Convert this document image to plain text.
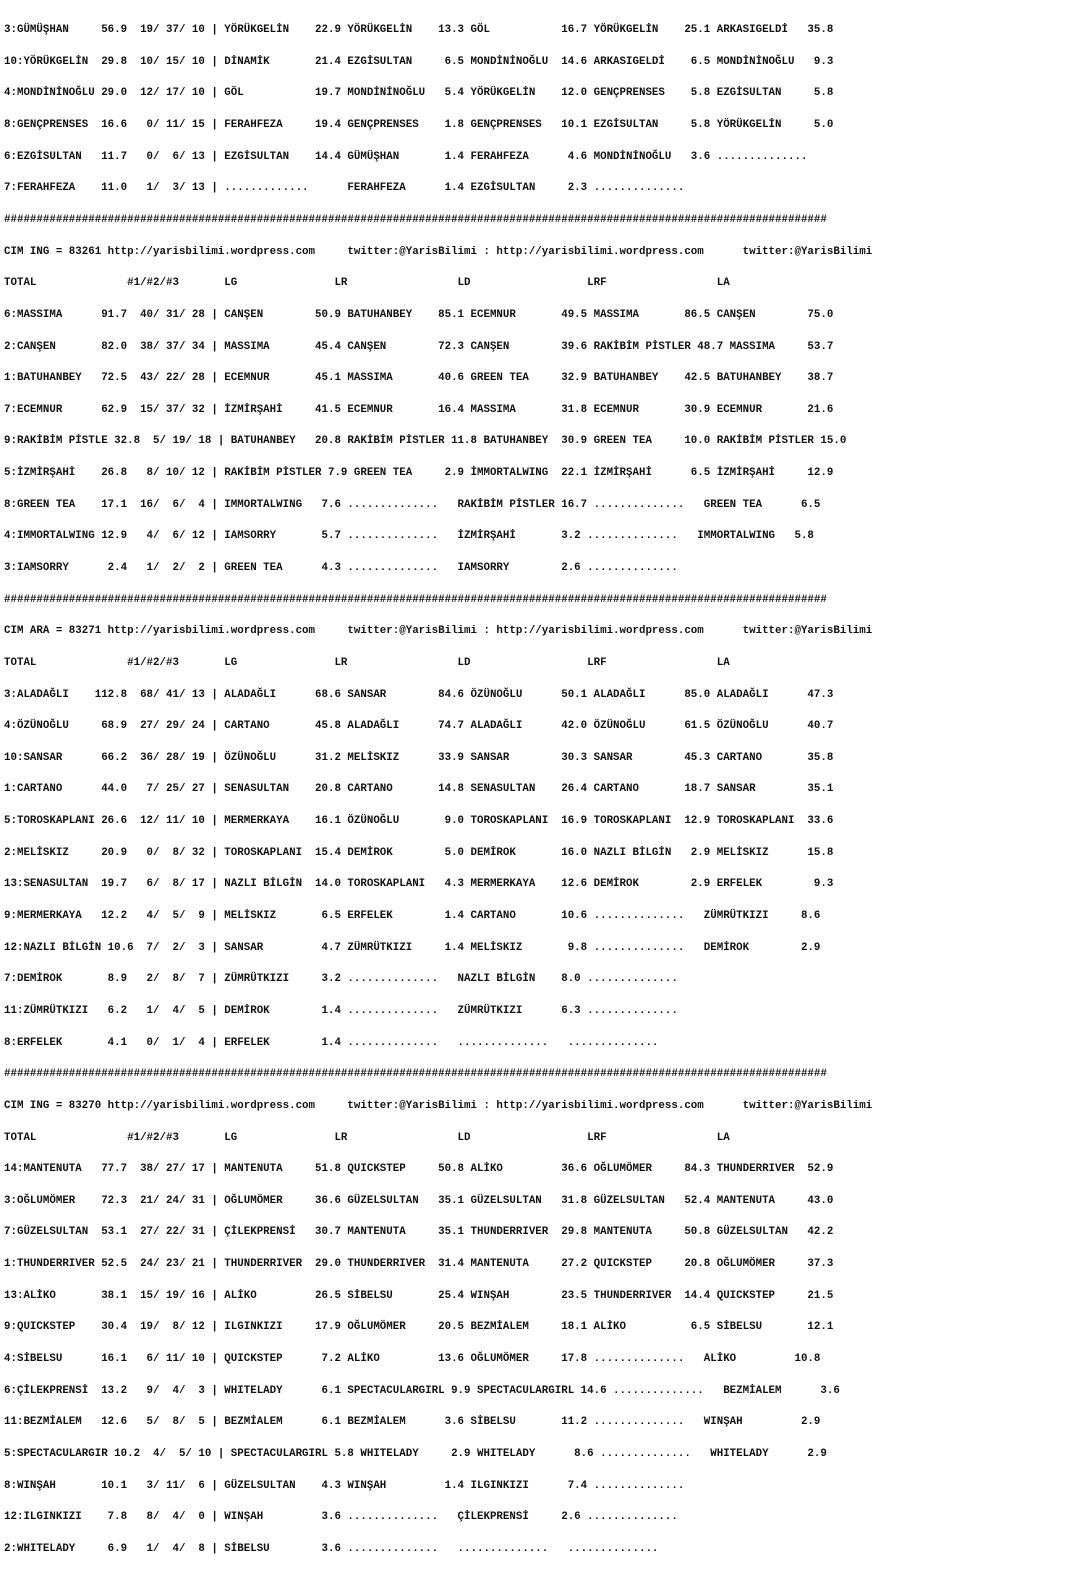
3:GÜMÜŞHAN     56.9  19/ 37/ 10 | YÖRÜKGELİN    22.9 YÖRÜKGELİN    13.3 GÖL           16.7 YÖRÜKGELİN    25.1 ARKASIGELDİ   35.8

10:YÖRÜKGELİN  29.8  10/ 15/ 10 | DİNAMİK       21.4 EZGİSULTAN     6.5 MONDİNİNOĞLU  14.6 ARKASIGELDİ    6.5 MONDİNİNOĞLU   9.3

4:MONDİNİNOĞLU 29.0  12/ 17/ 10 | GÖL           19.7 MONDİNİNOĞLU   5.4 YÖRÜKGELİN    12.0 GENÇPRENSES    5.8 EZGİSULTAN     5.8

8:GENÇPRENSES  16.6   0/ 11/ 15 | FERAHFEZA     19.4 GENÇPRENSES    1.8 GENÇPRENSES   10.1 EZGİSULTAN     5.8 YÖRÜKGELİN     5.0

6:EZGİSULTAN   11.7   0/  6/ 13 | EZGİSULTAN    14.4 GÜMÜŞHAN       1.4 FERAHFEZA      4.6 MONDİNİNOĞLU   3.6 ..............

7:FERAHFEZA    11.0   1/  3/ 13 | .............      FERAHFEZA      1.4 EZGİSULTAN     2.3 ..............

###############################################################################################################################

CIM ING = 83261 http://yarisbilimi.wordpress.com     twitter:@YarisBilimi : http://yarisbilimi.wordpress.com      twitter:@YarisBilimi

TOTAL              #1/#2/#3       LG               LR                 LD                  LRF                 LA

6:MASSIMA      91.7  40/ 31/ 28 | CANŞEN        50.9 BATUHANBEY    85.1 ECEMNUR       49.5 MASSIMA       86.5 CANŞEN        75.0

2:CANŞEN       82.0  38/ 37/ 34 | MASSIMA       45.4 CANŞEN        72.3 CANŞEN        39.6 RAKİBİM PİSTLER 48.7 MASSIMA     53.7

1:BATUHANBEY   72.5  43/ 22/ 28 | ECEMNUR       45.1 MASSIMA       40.6 GREEN TEA     32.9 BATUHANBEY    42.5 BATUHANBEY    38.7

7:ECEMNUR      62.9  15/ 37/ 32 | İZMİRŞAHİ     41.5 ECEMNUR       16.4 MASSIMA       31.8 ECEMNUR       30.9 ECEMNUR       21.6

9:RAKİBİM PİSTLE 32.8  5/ 19/ 18 | BATUHANBEY   20.8 RAKİBİM PİSTLER 11.8 BATUHANBEY  30.9 GREEN TEA     10.0 RAKİBİM PİSTLER 15.0

5:İZMİRŞAHİ    26.8   8/ 10/ 12 | RAKİBİM PİSTLER 7.9 GREEN TEA     2.9 İMMORTALWING  22.1 İZMİRŞAHİ      6.5 İZMİRŞAHİ     12.9

8:GREEN TEA    17.1  16/  6/  4 | IMMORTALWING   7.6 ..............   RAKİBİM PİSTLER 16.7 ..............   GREEN TEA      6.5

4:IMMORTALWING 12.9   4/  6/ 12 | IAMSORRY       5.7 ..............   İZMİRŞAHİ       3.2 ..............   IMMORTALWING   5.8

3:IAMSORRY      2.4   1/  2/  2 | GREEN TEA      4.3 ..............   IAMSORRY        2.6 ..............

###############################################################################################################################

CIM ARA = 83271 http://yarisbilimi.wordpress.com     twitter:@YarisBilimi : http://yarisbilimi.wordpress.com      twitter:@YarisBilimi

TOTAL              #1/#2/#3       LG               LR                 LD                  LRF                 LA

3:ALADAĞLI    112.8  68/ 41/ 13 | ALADAĞLI      68.6 SANSAR        84.6 ÖZÜNOĞLU      50.1 ALADAĞLI      85.0 ALADAĞLI      47.3

4:ÖZÜNOĞLU     68.9  27/ 29/ 24 | CARTANO       45.8 ALADAĞLI      74.7 ALADAĞLI      42.0 ÖZÜNOĞLU      61.5 ÖZÜNOĞLU      40.7

10:SANSAR      66.2  36/ 28/ 19 | ÖZÜNOĞLU      31.2 MELİSKIZ      33.9 SANSAR        30.3 SANSAR        45.3 CARTANO       35.8

1:CARTANO      44.0   7/ 25/ 27 | SENASULTAN    20.8 CARTANO       14.8 SENASULTAN    26.4 CARTANO       18.7 SANSAR        35.1

5:TOROSKAPLANI 26.6  12/ 11/ 10 | MERMERKAYA    16.1 ÖZÜNOĞLU       9.0 TOROSKAPLANI  16.9 TOROSKAPLANI  12.9 TOROSKAPLANI  33.6

2:MELİSKIZ     20.9   0/  8/ 32 | TOROSKAPLANI  15.4 DEMİROK        5.0 DEMİROK       16.0 NAZLI BİLGİN   2.9 MELİSKIZ      15.8

13:SENASULTAN  19.7   6/  8/ 17 | NAZLI BİLGİN  14.0 TOROSKAPLANI   4.3 MERMERKAYA    12.6 DEMİROK        2.9 ERFELEK        9.3

9:MERMERKAYA   12.2   4/  5/  9 | MELİSKIZ       6.5 ERFELEK        1.4 CARTANO       10.6 ..............   ZÜMRÜTKIZI     8.6

12:NAZLI BİLGİN 10.6  7/  2/  3 | SANSAR         4.7 ZÜMRÜTKIZI     1.4 MELİSKIZ       9.8 ..............   DEMİROK        2.9

7:DEMİROK       8.9   2/  8/  7 | ZÜMRÜTKIZI     3.2 ..............   NAZLI BİLGİN    8.0 ..............

11:ZÜMRÜTKIZI   6.2   1/  4/  5 | DEMİROK        1.4 ..............   ZÜMRÜTKIZI      6.3 ..............

8:ERFELEK       4.1   0/  1/  4 | ERFELEK        1.4 ..............   ..............   ..............

###############################################################################################################################

CIM ING = 83270 http://yarisbilimi.wordpress.com     twitter:@YarisBilimi : http://yarisbilimi.wordpress.com      twitter:@YarisBilimi

TOTAL              #1/#2/#3       LG               LR                 LD                  LRF                 LA

14:MANTENUTA   77.7  38/ 27/ 17 | MANTENUTA     51.8 QUICKSTEP     50.8 ALİKO         36.6 OĞLUMÖMER     84.3 THUNDERRIVER  52.9

3:OĞLUMÖMER    72.3  21/ 24/ 31 | OĞLUMÖMER     36.6 GÜZELSULTAN   35.1 GÜZELSULTAN   31.8 GÜZELSULTAN   52.4 MANTENUTA     43.0

7:GÜZELSULTAN  53.1  27/ 22/ 31 | ÇİLEKPRENSİ   30.7 MANTENUTA     35.1 THUNDERRIVER  29.8 MANTENUTA     50.8 GÜZELSULTAN   42.2

1:THUNDERRIVER 52.5  24/ 23/ 21 | THUNDERRIVER  29.0 THUNDERRIVER  31.4 MANTENUTA     27.2 QUICKSTEP     20.8 OĞLUMÖMER     37.3

13:ALİKO       38.1  15/ 19/ 16 | ALİKO         26.5 SİBELSU       25.4 WINŞAH        23.5 THUNDERRIVER  14.4 QUICKSTEP     21.5

9:QUICKSTEP    30.4  19/  8/ 12 | ILGINKIZI     17.9 OĞLUMÖMER     20.5 BEZMİALEM     18.1 ALİKO          6.5 SİBELSU       12.1

4:SİBELSU      16.1   6/ 11/ 10 | QUICKSTEP      7.2 ALİKO         13.6 OĞLUMÖMER     17.8 ..............   ALİKO         10.8

6:ÇİLEKPRENSİ  13.2   9/  4/  3 | WHITELADY      6.1 SPECTACULARGIRL 9.9 SPECTACULARGIRL 14.6 ..............   BEZMİALEM      3.6

11:BEZMİALEM   12.6   5/  8/  5 | BEZMİALEM      6.1 BEZMİALEM      3.6 SİBELSU       11.2 ..............   WINŞAH         2.9

5:SPECTACULARGIR 10.2  4/  5/ 10 | SPECTACULARGIRL 5.8 WHITELADY     2.9 WHITELADY      8.6 ..............   WHITELADY      2.9

8:WINŞAH       10.1   3/ 11/  6 | GÜZELSULTAN    4.3 WINŞAH         1.4 ILGINKIZI      7.4 ..............

12:ILGINKIZI    7.8   8/  4/  0 | WINŞAH         3.6 ..............   ÇİLEKPRENSİ     2.6 ..............

2:WHITELADY     6.9   1/  4/  8 | SİBELSU        3.6 ..............   ..............   ..............
